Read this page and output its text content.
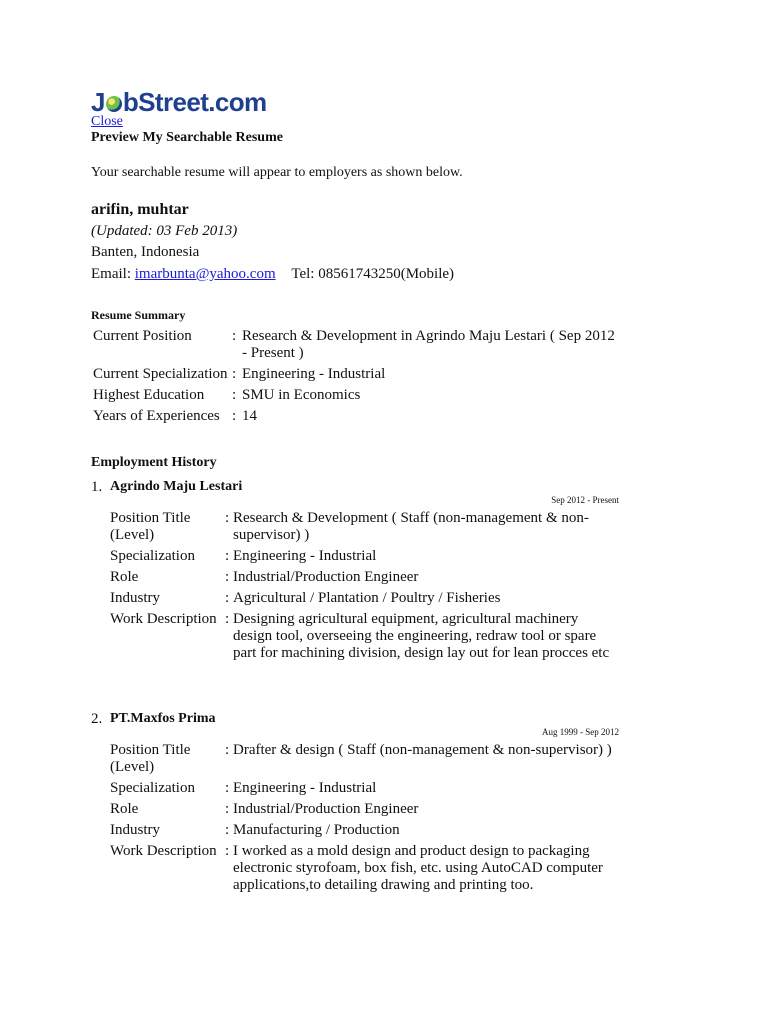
J bStreet.com
Close
Preview My Searchable Resume
Your searchable resume will appear to employers as shown below.
arifin, muhtar
(Updated: 03 Feb 2013)
Banten, Indonesia
Email: imarbunta@yahoo.com Tel: 08561743250(Mobile)
Resume Summary
Current Position	: Research & Development in Agrindo Maju Lestari ( Sep 2012 - Present )
Current Specialization : Engineering - Industrial
Highest Education	: SMU in Economics
Years of Experiences : 14
Employment History
1. Agrindo Maju Lestari
Sep 2012 - Present
Position Title (Level)
: Research & Development ( Staff (non-management & non-supervisor) )
Specialization	: Engineering - Industrial
Role	: Industrial/Production Engineer
Industry	: Agricultural / Plantation / Poultry / Fisheries
Work Description : Designing agricultural equipment, agricultural machinery design tool, overseeing the engineering, redraw tool or spare part for machining division, design lay out for lean procces etc
2. PT.Maxfos Prima
Aug 1999 - Sep 2012
Position Title (Level)
: Drafter & design ( Staff (non-management & non-supervisor) )
Specialization	: Engineering - Industrial
Role	: Industrial/Production Engineer
Industry	: Manufacturing / Production
Work Description : I worked as a mold design and product design to packaging electronic styrofoam, box fish, etc. using AutoCAD computer applications,to detailing drawing and printing too.
